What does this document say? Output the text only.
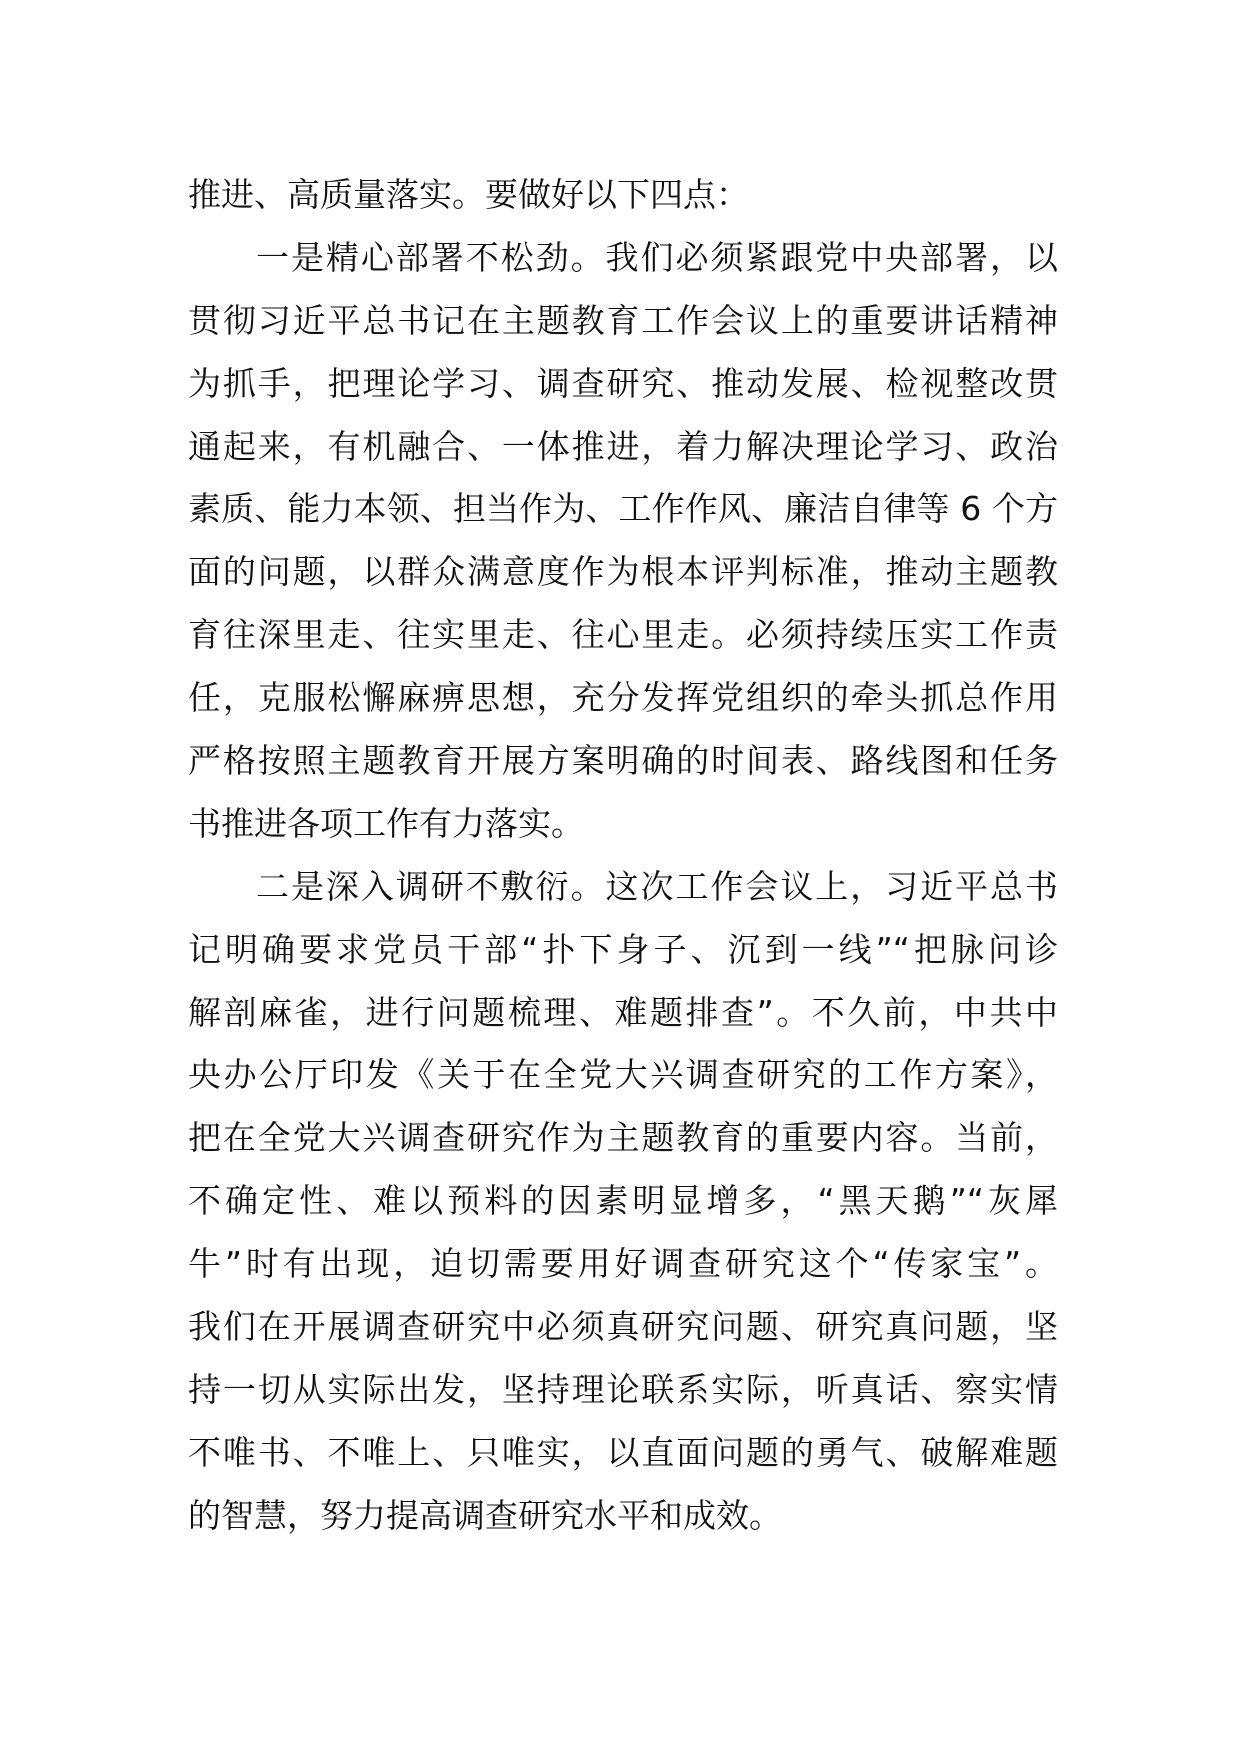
推进、高质量落实。要做好以下四点：
一是精心部署不松劲。我们必须紧跟党中央部署，以
贯彻习近平总书记在主题教育工作会议上的重要讲话精神
为抓手，把理论学习、调查研究、推动发展、检视整改贯
通起来，有机融合、一体推进，着力解决理论学习、政治
素质、能力本领、担当作为、工作作风、廉洁自律等 6 个方
面的问题，以群众满意度作为根本评判标准，推动主题教
育往深里走、往实里走、往心里走。必须持续压实工作责
任，克服松懈麻痹思想，充分发挥党组织的牵头抓总作用
严格按照主题教育开展方案明确的时间表、路线图和任务
书推进各项工作有力落实。
二是深入调研不敷衍。这次工作会议上，习近平总书
记明确要求党员干部“扑下身子、沉到一线”“把脉问诊
解剖麻雀，进行问题梳理、难题排查”。不久前，中共中
央办公厅印发《关于在全党大兴调查研究的工作方案》，
把在全党大兴调查研究作为主题教育的重要内容。当前，
不确定性、难以预料的因素明显增多，“黑天鹅”“灰犀
牛”时有出现，迫切需要用好调查研究这个“传家宝”。
我们在开展调查研究中必须真研究问题、研究真问题，坚
持一切从实际出发，坚持理论联系实际，听真话、察实情
不唯书、不唯上、只唯实，以直面问题的勇气、破解难题
的智慧，努力提高调查研究水平和成效。
